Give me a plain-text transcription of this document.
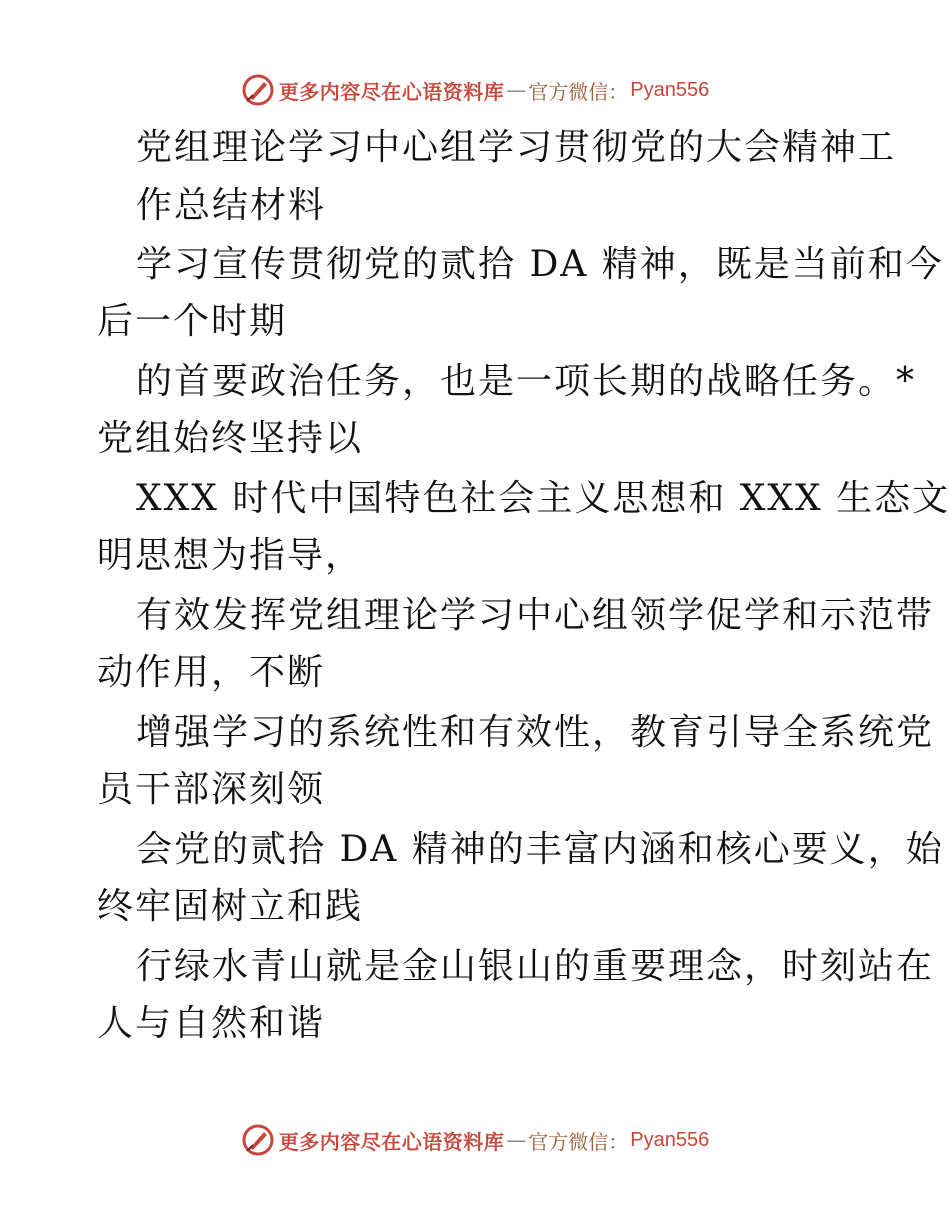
更多内容尽在心语资料库 — 官方微信： Pyan556
党组理论学习中心组学习贯彻党的大会精神工
作总结材料
学习宣传贯彻党的贰拾 DA 精神，既是当前和今
后一个时期
的首要政治任务，也是一项长期的战略任务。*
党组始终坚持以
XXX 时代中国特色社会主义思想和 XXX 生态文
明思想为指导，
有效发挥党组理论学习中心组领学促学和示范带
动作用，不断
增强学习的系统性和有效性，教育引导全系统党
员干部深刻领
会党的贰拾 DA 精神的丰富内涵和核心要义，始
终牢固树立和践
行绿水青山就是金山银山的重要理念，时刻站在
人与自然和谐
更多内容尽在心语资料库 — 官方微信： Pyan556
